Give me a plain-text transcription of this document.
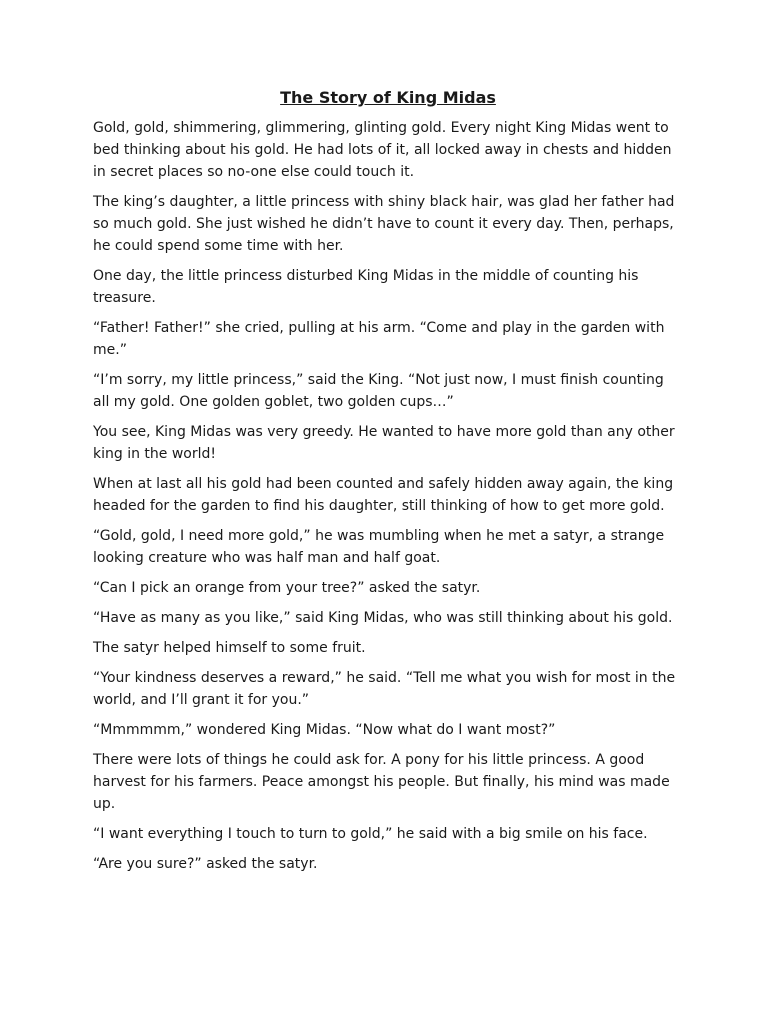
The Story of King Midas

Gold, gold, shimmering, glimmering, glinting gold. Every night King Midas went to bed thinking about his gold. He had lots of it, all locked away in chests and hidden in secret places so no-one else could touch it.

The king’s daughter, a little princess with shiny black hair, was glad her father had so much gold. She just wished he didn’t have to count it every day. Then, perhaps, he could spend some time with her.

One day, the little princess disturbed King Midas in the middle of counting his treasure.

“Father! Father!” she cried, pulling at his arm. “Come and play in the garden with me.”

“I’m sorry, my little princess,” said the King. “Not just now, I must finish counting all my gold. One golden goblet, two golden cups…”

You see, King Midas was very greedy. He wanted to have more gold than any other king in the world!

When at last all his gold had been counted and safely hidden away again, the king headed for the garden to find his daughter, still thinking of how to get more gold.

“Gold, gold, I need more gold,” he was mumbling when he met a satyr, a strange looking creature who was half man and half goat.

“Can I pick an orange from your tree?” asked the satyr.

“Have as many as you like,” said King Midas, who was still thinking about his gold.

The satyr helped himself to some fruit.

“Your kindness deserves a reward,” he said. “Tell me what you wish for most in the world, and I’ll grant it for you.”

“Mmmmmm,” wondered King Midas. “Now what do I want most?”

There were lots of things he could ask for. A pony for his little princess. A good harvest for his farmers. Peace amongst his people. But finally, his mind was made up.

“I want everything I touch to turn to gold,” he said with a big smile on his face.

“Are you sure?” asked the satyr.
